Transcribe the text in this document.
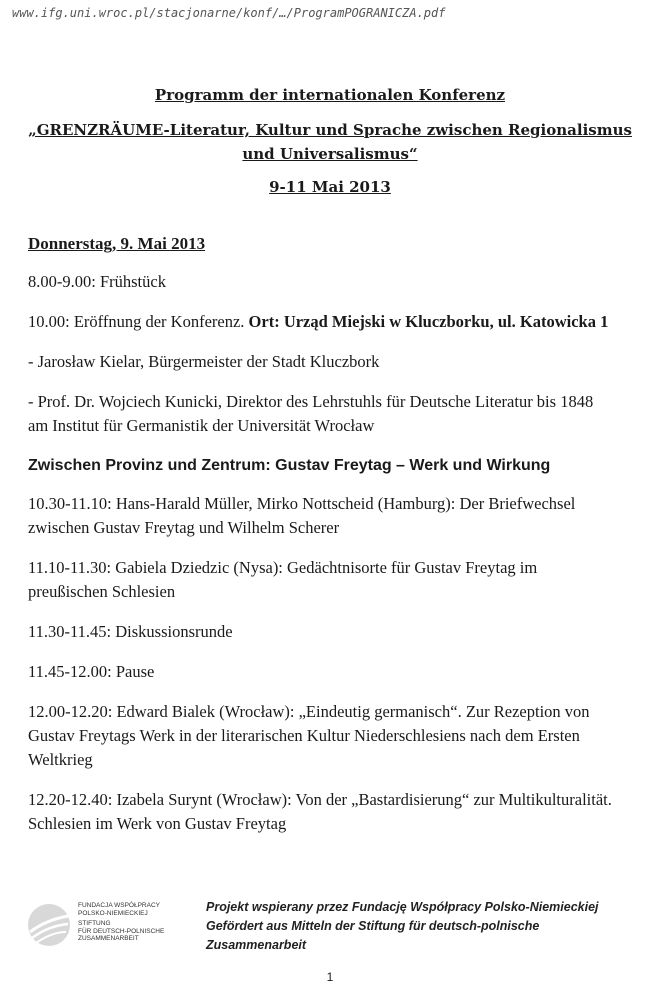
www.ifg.uni.wroc.pl/stacjonarne/konf/…/ProgramPOGRANICZA.pdf
Programm der internationalen Konferenz
„GRENZRÄUME-Literatur, Kultur und Sprache zwischen Regionalismus
und Universalismus“
9-11 Mai 2013
Donnerstag, 9. Mai 2013
8.00-9.00: Frühstück
10.00: Eröffnung der Konferenz. Ort: Urząd Miejski w Kluczborku, ul. Katowicka 1
- Jarosław Kielar, Bürgermeister der Stadt Kluczbork
- Prof. Dr. Wojciech Kunicki, Direktor des Lehrstuhls für Deutsche Literatur bis 1848 am Institut für Germanistik der Universität Wrocław
Zwischen Provinz und Zentrum: Gustav Freytag – Werk und Wirkung
10.30-11.10: Hans-Harald Müller, Mirko Nottscheid (Hamburg): Der Briefwechsel zwischen Gustav Freytag und Wilhelm Scherer
11.10-11.30: Gabiela Dziedzic (Nysa): Gedächtnisorte für Gustav Freytag im preußischen Schlesien
11.30-11.45: Diskussionsrunde
11.45-12.00: Pause
12.00-12.20: Edward Bialek (Wrocław): „Eindeutig germanisch“. Zur Rezeption von Gustav Freytags Werk in der literarischen Kultur Niederschlesiens nach dem Ersten Weltkrieg
12.20-12.40: Izabela Surynt (Wrocław): Von der „Bastardisierung“ zur Multikulturalität. Schlesien im Werk von Gustav Freytag
FUNDACJA WSPÓŁPRACY
POLSKO-NIEMIECKIEJ
STIFTUNG
FÜR DEUTSCH-POLNISCHE
ZUSAMMENARBEIT
Projekt wspierany przez Fundację Współpracy Polsko-Niemieckiej
Gefördert aus Mitteln der Stiftung für deutsch-polnische
Zusammenarbeit
1
